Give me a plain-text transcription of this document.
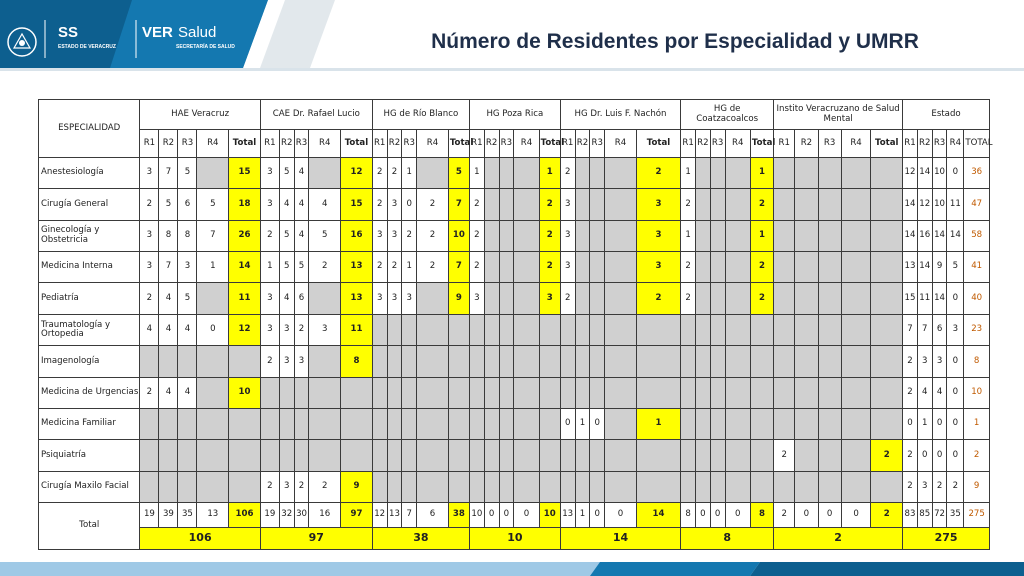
SS
ESTADO DE VERACRUZ
VER Salud
SECRETARÍA DE SALUD	Número de Residentes por Especialidad y UMRR
ESPECIALIDAD	HAE Veracruz					CAE Dr. Rafael Lucio					HG de Río Blanco					HG Poza Rica					HG Dr. Luis F. Nachón					HG de Coatzacoalcos					Instito Veracruzano de Salud Mental					Estado				
	R1	R2	R3	R4	Total	R1	R2	R3	R4	Total	R1	R2	R3	R4	Total	R1	R2	R3	R4	Total	R1	R2	R3	R4	Total	R1	R2	R3	R4	Total	R1	R2	R3	R4	Total	R1	R2	R3	R4	TOTAL
Anestesiología	3	7	5		15	3	5	4		12	2	2	1		5	1				1	2				2	1				1						12	14	10	0	36
Cirugía General	2	5	6	5	18	3	4	4	4	15	2	3	0	2	7	2				2	3				3	2				2						14	12	10	11	47
Ginecología y Obstetricia	3	8	8	7	26	2	5	4	5	16	3	3	2	2	10	2				2	3				3	1				1						14	16	14	14	58
Medicina Interna	3	7	3	1	14	1	5	5	2	13	2	2	1	2	7	2				2	3				3	2				2						13	14	9	5	41
Pediatría	2	4	5		11	3	4	6		13	3	3	3		9	3				3	2				2	2				2						15	11	14	0	40
Traumatología y Ortopedia	4	4	4	0	12	3	3	2	3	11																										7	7	6	3	23
Imagenología						2	3	3		8																										2	3	3	0	8
Medicina de Urgencias	2	4	4		10																															2	4	4	0	10
Medicina Familiar																					0	1	0		1											0	1	0	0	1
Psiquiatría																															2				2	2	0	0	0	2
Cirugía Maxilo Facial						2	3	2	2	9																										2	3	2	2	9
Total	19	39	35	13	106	19	32	30	16	97	12	13	7	6	38	10	0	0	0	10	13	1	0	0	14	8	0	0	0	8	2	0	0	0	2	83	85	72	35	275
	106					97					38					10					14					8					2					275				
